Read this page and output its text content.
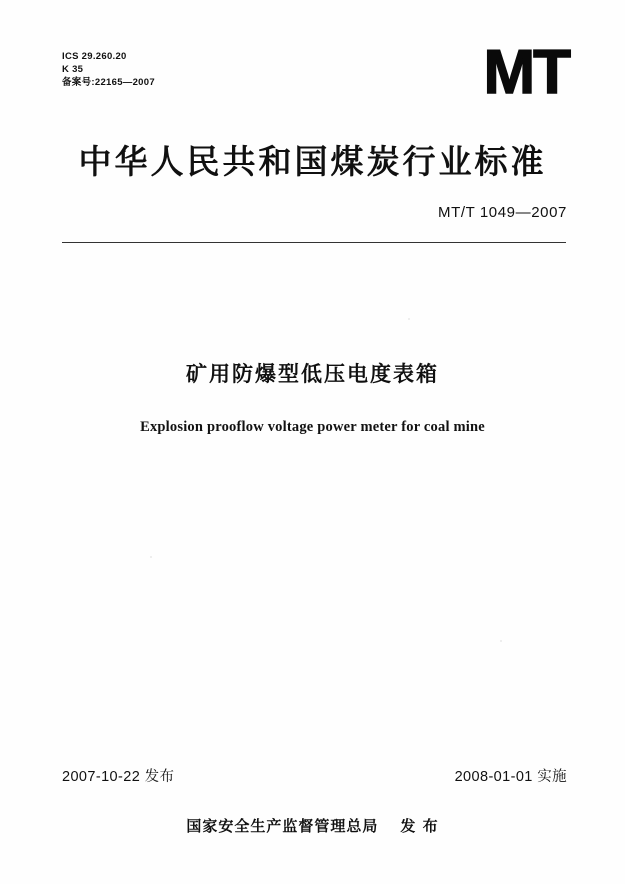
ICS 29.260.20
K 35
备案号:22165—2007	MT
中华人民共和国煤炭行业标准
MT/T 1049—2007
矿用防爆型低压电度表箱
Explosion prooflow voltage power meter for coal mine
2007-10-22 发布	2008-01-01 实施
国家安全生产监督管理总局 发 布
